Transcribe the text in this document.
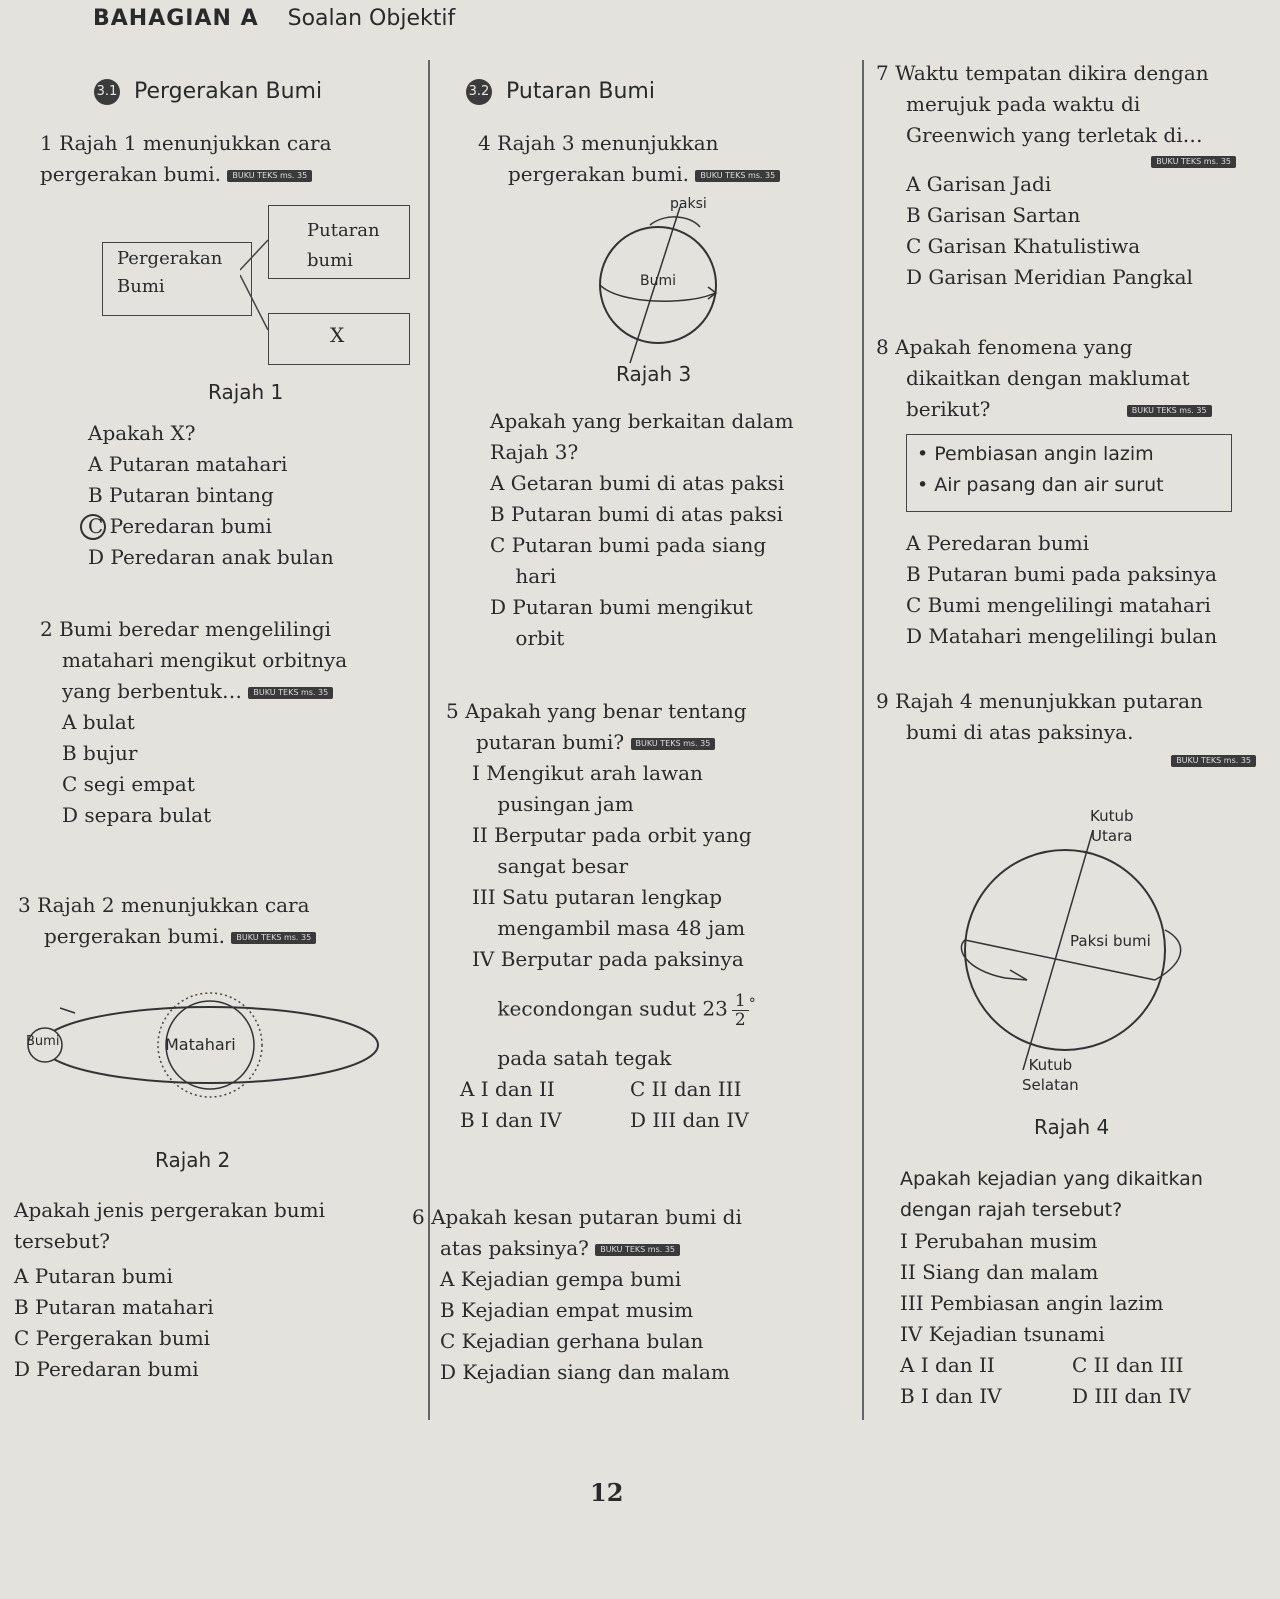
BAHAGIAN A Soalan Objektif
3.1 Pergerakan Bumi
1 Rajah 1 menunjukkan cara pergerakan bumi. BUKU TEKS ms. 35
Pergerakan Bumi
Putaran bumi
X
Rajah 1
Apakah X?
A Putaran matahari
B Putaran bintang
C Peredaran bumi
D Peredaran anak bulan
2 Bumi beredar mengelilingi
matahari mengikut orbitnya
yang berbentuk… BUKU TEKS ms. 35
A bulat
B bujur
C segi empat
D separa bulat
3 Rajah 2 menunjukkan cara
pergerakan bumi. BUKU TEKS ms. 35
Bumi	Matahari
Rajah 2
Apakah jenis pergerakan bumi
tersebut?
A Putaran bumi
B Putaran matahari
C Pergerakan bumi
D Peredaran bumi
3.2 Putaran Bumi
4 Rajah 3 menunjukkan
pergerakan bumi. BUKU TEKS ms. 35
paksi
Bumi
Rajah 3
Apakah yang berkaitan dalam
Rajah 3?
A Getaran bumi di atas paksi
B Putaran bumi di atas paksi
C Putaran bumi pada siang
hari
D Putaran bumi mengikut
orbit
5 Apakah yang benar tentang
putaran bumi? BUKU TEKS ms. 35
I Mengikut arah lawan
pusingan jam
II Berputar pada orbit yang
sangat besar
III Satu putaran lengkap
mengambil masa 48 jam
IV Berputar pada paksinya
kecondongan sudut $23 \frac{1}{2} ^\circ$
pada satah tegak
A I dan II	C II dan III
B I dan IV	D III dan IV
6 Apakah kesan putaran bumi di
atas paksinya? BUKU TEKS ms. 35
A Kejadian gempa bumi
B Kejadian empat musim
C Kejadian gerhana bulan
D Kejadian siang dan malam
7 Waktu tempatan dikira dengan
merujuk pada waktu di
Greenwich yang terletak di…
BUKU TEKS ms. 35
A Garisan Jadi
B Garisan Sartan
C Garisan Khatulistiwa
D Garisan Meridian Pangkal
8 Apakah fenomena yang
dikaitkan dengan maklumat
berikut?	BUKU TEKS ms. 35
• Pembiasan angin lazim
• Air pasang dan air surut
A Peredaran bumi
B Putaran bumi pada paksinya
C Bumi mengelilingi matahari
D Matahari mengelilingi bulan
9 Rajah 4 menunjukkan putaran
bumi di atas paksinya.
BUKU TEKS ms. 35
Kutub
Utara
Paksi bumi
Kutub
Selatan
Rajah 4
Apakah kejadian yang dikaitkan
dengan rajah tersebut?
I Perubahan musim
II Siang dan malam
III Pembiasan angin lazim
IV Kejadian tsunami
A I dan II	C II dan III
B I dan IV	D III dan IV
12
